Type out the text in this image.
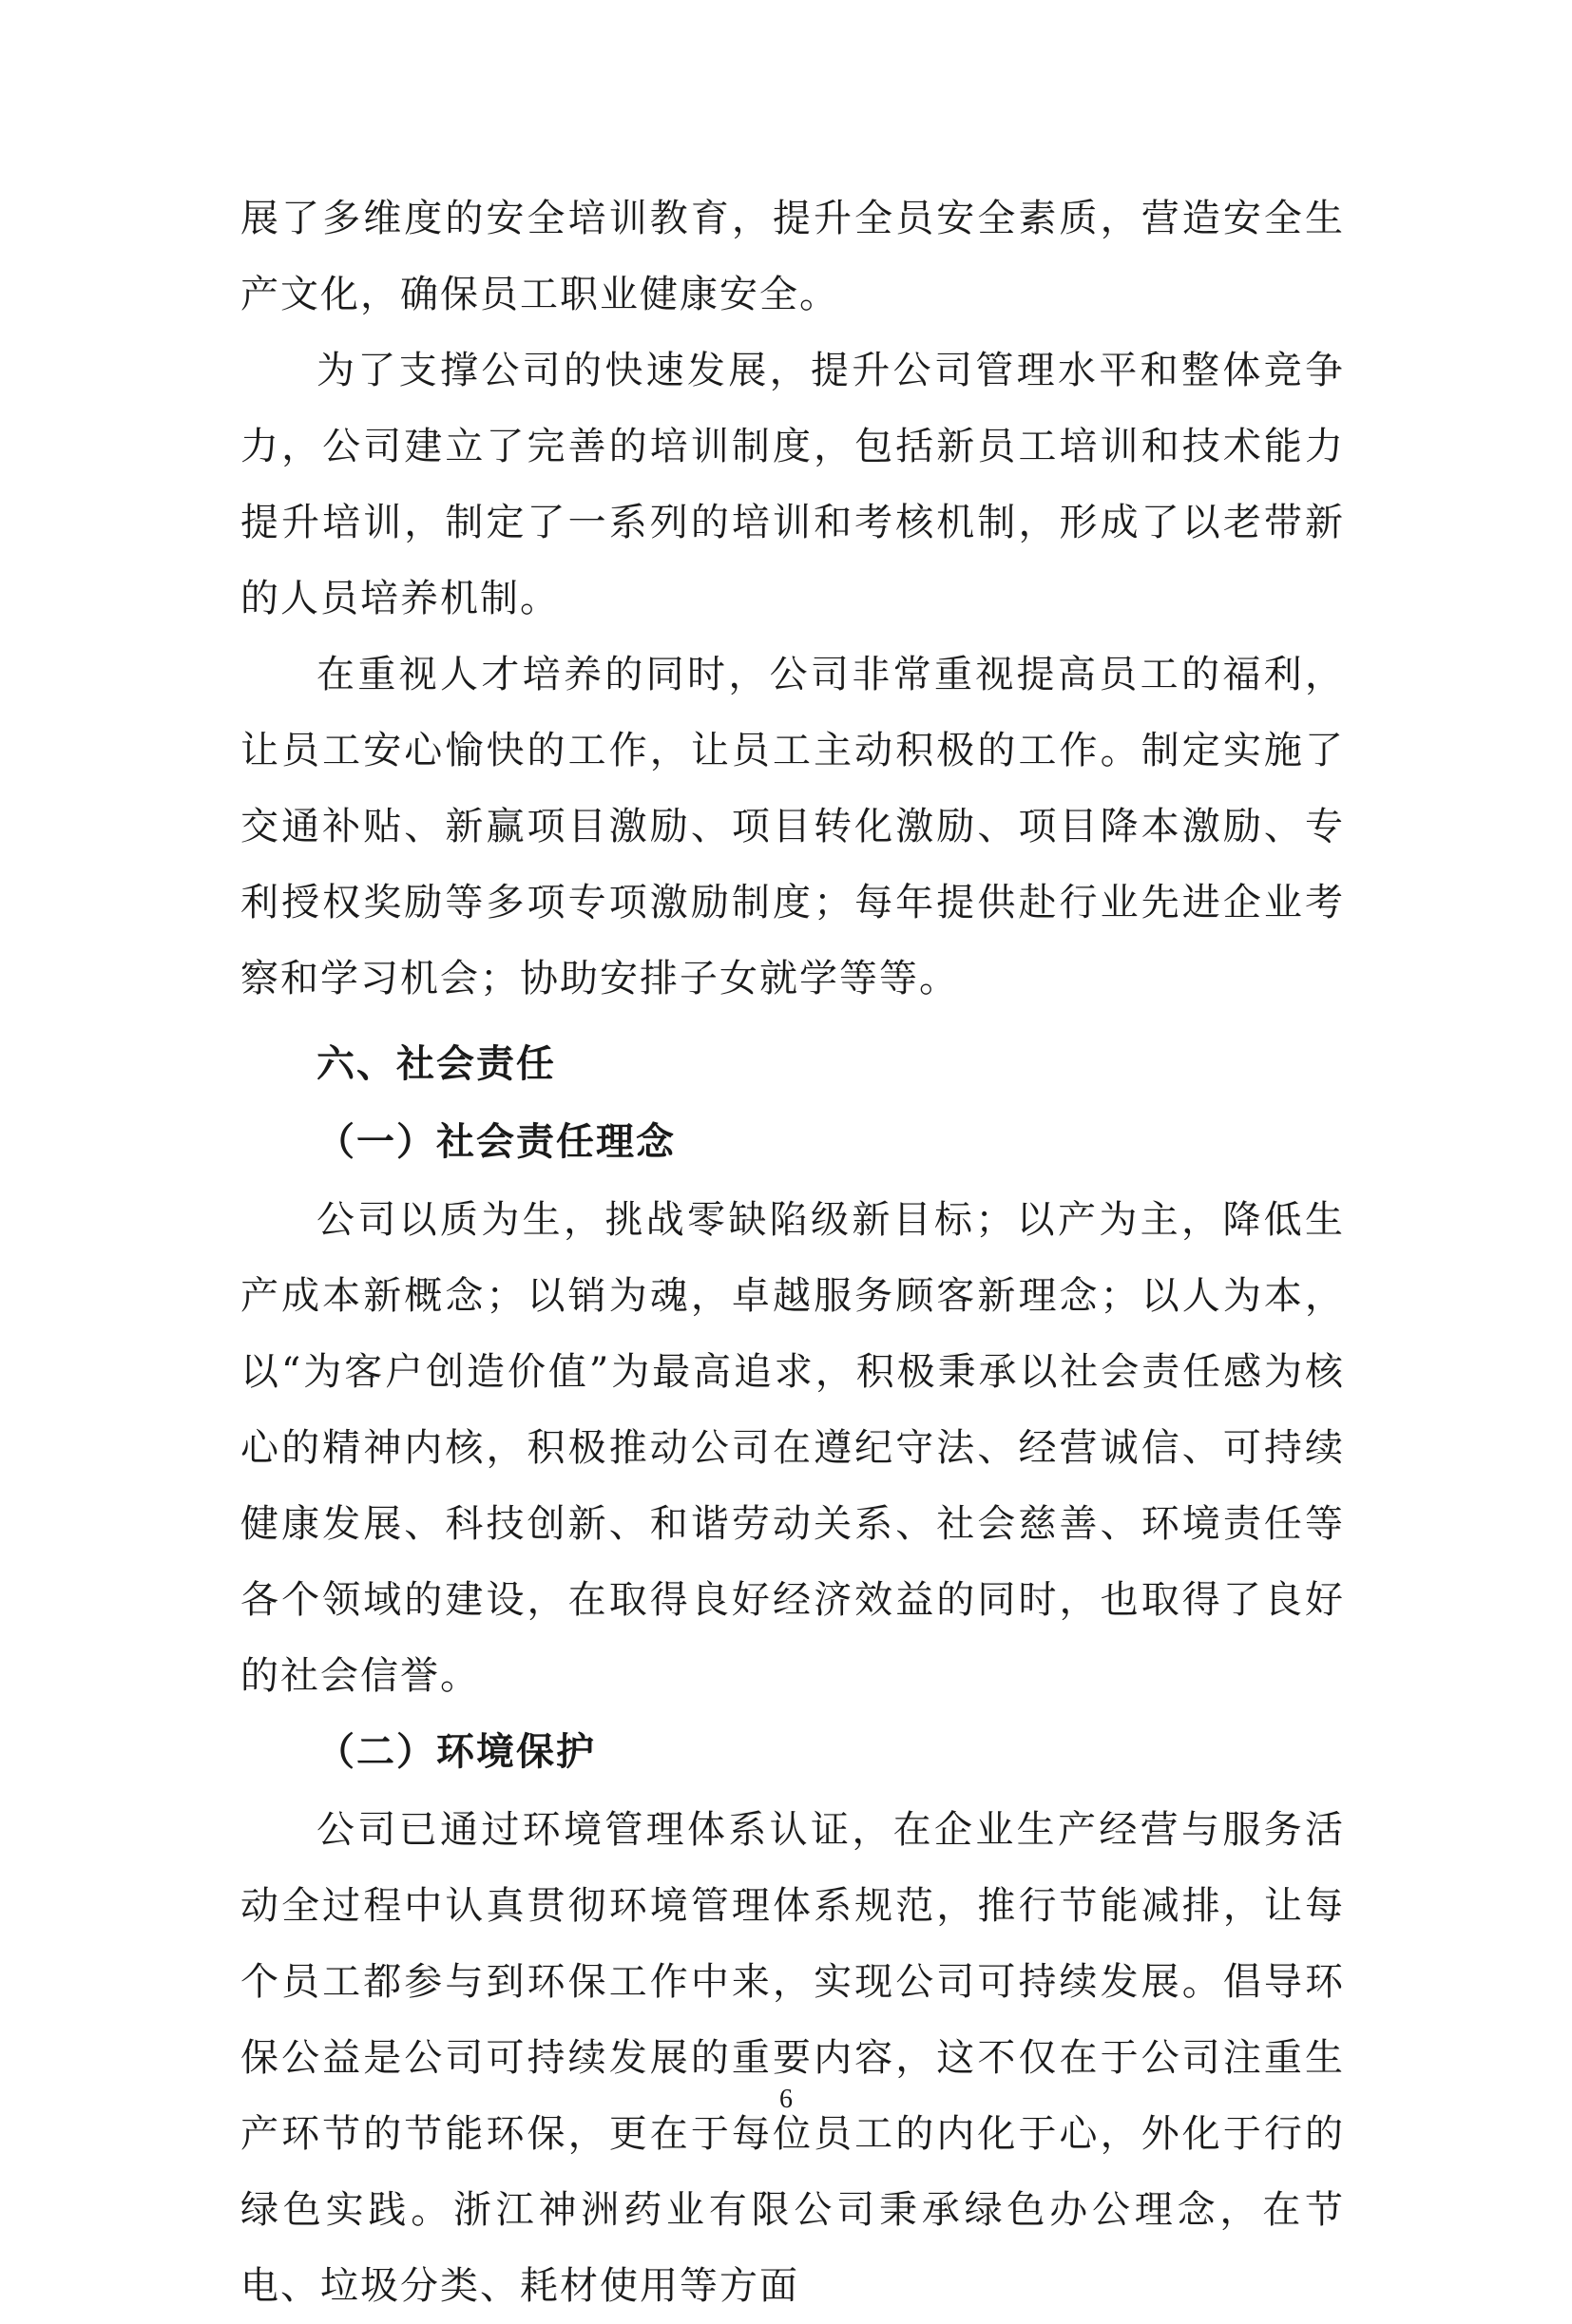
展了多维度的安全培训教育，提升全员安全素质，营造安全生产文化，确保员工职业健康安全。

为了支撑公司的快速发展，提升公司管理水平和整体竞争力，公司建立了完善的培训制度，包括新员工培训和技术能力提升培训，制定了一系列的培训和考核机制，形成了以老带新的人员培养机制。

在重视人才培养的同时，公司非常重视提高员工的福利，让员工安心愉快的工作，让员工主动积极的工作。制定实施了交通补贴、新赢项目激励、项目转化激励、项目降本激励、专利授权奖励等多项专项激励制度；每年提供赴行业先进企业考察和学习机会；协助安排子女就学等等。

六、社会责任
（一）社会责任理念

公司以质为生，挑战零缺陷级新目标；以产为主，降低生产成本新概念；以销为魂，卓越服务顾客新理念；以人为本，以“为客户创造价值”为最高追求，积极秉承以社会责任感为核心的精神内核，积极推动公司在遵纪守法、经营诚信、可持续健康发展、科技创新、和谐劳动关系、社会慈善、环境责任等各个领域的建设，在取得良好经济效益的同时，也取得了良好的社会信誉。

（二）环境保护

公司已通过环境管理体系认证，在企业生产经营与服务活动全过程中认真贯彻环境管理体系规范，推行节能减排，让每个员工都参与到环保工作中来，实现公司可持续发展。倡导环保公益是公司可持续发展的重要内容，这不仅在于公司注重生产环节的节能环保，更在于每位员工的内化于心，外化于行的绿色实践。浙江神洲药业有限公司秉承绿色办公理念，在节电、垃圾分类、耗材使用等方面

6
